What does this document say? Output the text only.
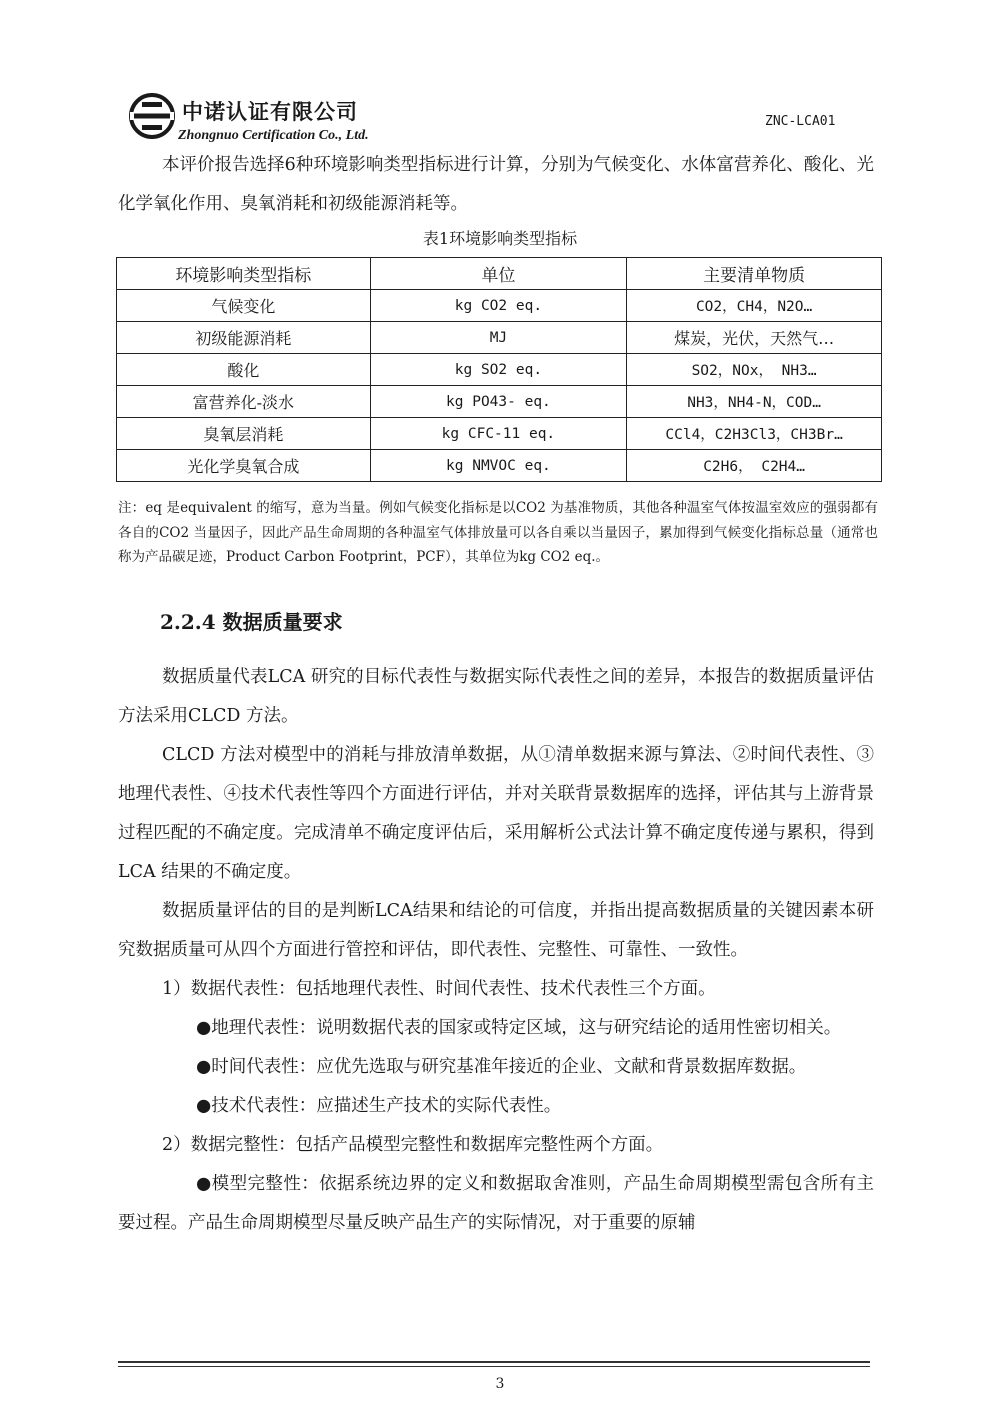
中诺认证有限公司
Zhongnuo Certification Co., Ltd.
ZNC-LCA01

本评价报告选择6种环境影响类型指标进行计算，分别为气候变化、水体富营养化、酸化、光化学氧化作用、臭氧消耗和初级能源消耗等。

表1环境影响类型指标
环境影响类型指标	单位	主要清单物质
气候变化	kg CO2 eq.	CO2，CH4，N2O…
初级能源消耗	MJ	煤炭，光伏，天然气…
酸化	kg SO2 eq.	SO2，NOx， NH3…
富营养化-淡水	kg PO43- eq.	NH3，NH4-N，COD…
臭氧层消耗	kg CFC-11 eq.	CCl4，C2H3Cl3，CH3Br…
光化学臭氧合成	kg NMVOC eq.	C2H6， C2H4…

注：eq 是equivalent 的缩写，意为当量。例如气候变化指标是以CO2 为基准物质，其他各种温室气体按温室效应的强弱都有各自的CO2 当量因子，因此产品生命周期的各种温室气体排放量可以各自乘以当量因子，累加得到气候变化指标总量（通常也称为产品碳足迹，Product Carbon Footprint，PCF），其单位为kg CO2 eq.。

2.2.4 数据质量要求

数据质量代表LCA 研究的目标代表性与数据实际代表性之间的差异，本报告的数据质量评估方法采用CLCD 方法。

CLCD 方法对模型中的消耗与排放清单数据，从①清单数据来源与算法、②时间代表性、③地理代表性、④技术代表性等四个方面进行评估，并对关联背景数据库的选择，评估其与上游背景过程匹配的不确定度。完成清单不确定度评估后，采用解析公式法计算不确定度传递与累积，得到LCA 结果的不确定度。

数据质量评估的目的是判断LCA结果和结论的可信度，并指出提高数据质量的关键因素本研究数据质量可从四个方面进行管控和评估，即代表性、完整性、可靠性、一致性。

1）数据代表性：包括地理代表性、时间代表性、技术代表性三个方面。

●地理代表性：说明数据代表的国家或特定区域，这与研究结论的适用性密切相关。

●时间代表性：应优先选取与研究基准年接近的企业、文献和背景数据库数据。

●技术代表性：应描述生产技术的实际代表性。

2）数据完整性：包括产品模型完整性和数据库完整性两个方面。

●模型完整性：依据系统边界的定义和数据取舍准则，产品生命周期模型需包含所有主要过程。产品生命周期模型尽量反映产品生产的实际情况，对于重要的原辅

3
